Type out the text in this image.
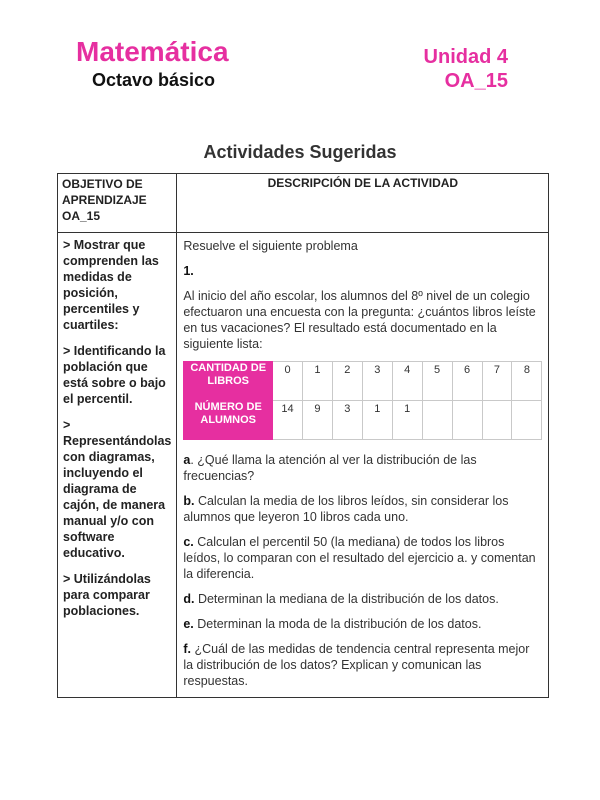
Matemática
Octavo básico
Unidad 4
OA_15
Actividades Sugeridas
OBJETIVO DE APRENDIZAJE OA_15

DESCRIPCIÓN DE LA ACTIVIDAD

> Mostrar que comprenden las medidas de posición, percentiles y cuartiles:

> Identificando la población que está sobre o bajo el percentil.

> Representándolas con diagramas, incluyendo el diagrama de cajón, de manera manual y/o con software educativo.

> Utilizándolas para comparar poblaciones.

Resuelve el siguiente problema

1.

Al inicio del año escolar, los alumnos del 8º nivel de un colegio efectuaron una encuesta con la pregunta: ¿cuántos libros leíste en tus vacaciones? El resultado está documentado en la siguiente lista:

CANTIDAD DE LIBROS	0	1	2	3	4	5	6	7	8
NÚMERO DE ALUMNOS	14	9	3	1	1				

a. ¿Qué llama la atención al ver la distribución de las frecuencias?

b. Calculan la media de los libros leídos, sin considerar los alumnos que leyeron 10 libros cada uno.

c. Calculan el percentil 50 (la mediana) de todos los libros leídos, lo comparan con el resultado del ejercicio a. y comentan la diferencia.

d. Determinan la mediana de la distribución de los datos.

e. Determinan la moda de la distribución de los datos.

f. ¿Cuál de las medidas de tendencia central representa mejor la distribución de los datos? Explican y comunican las respuestas.
